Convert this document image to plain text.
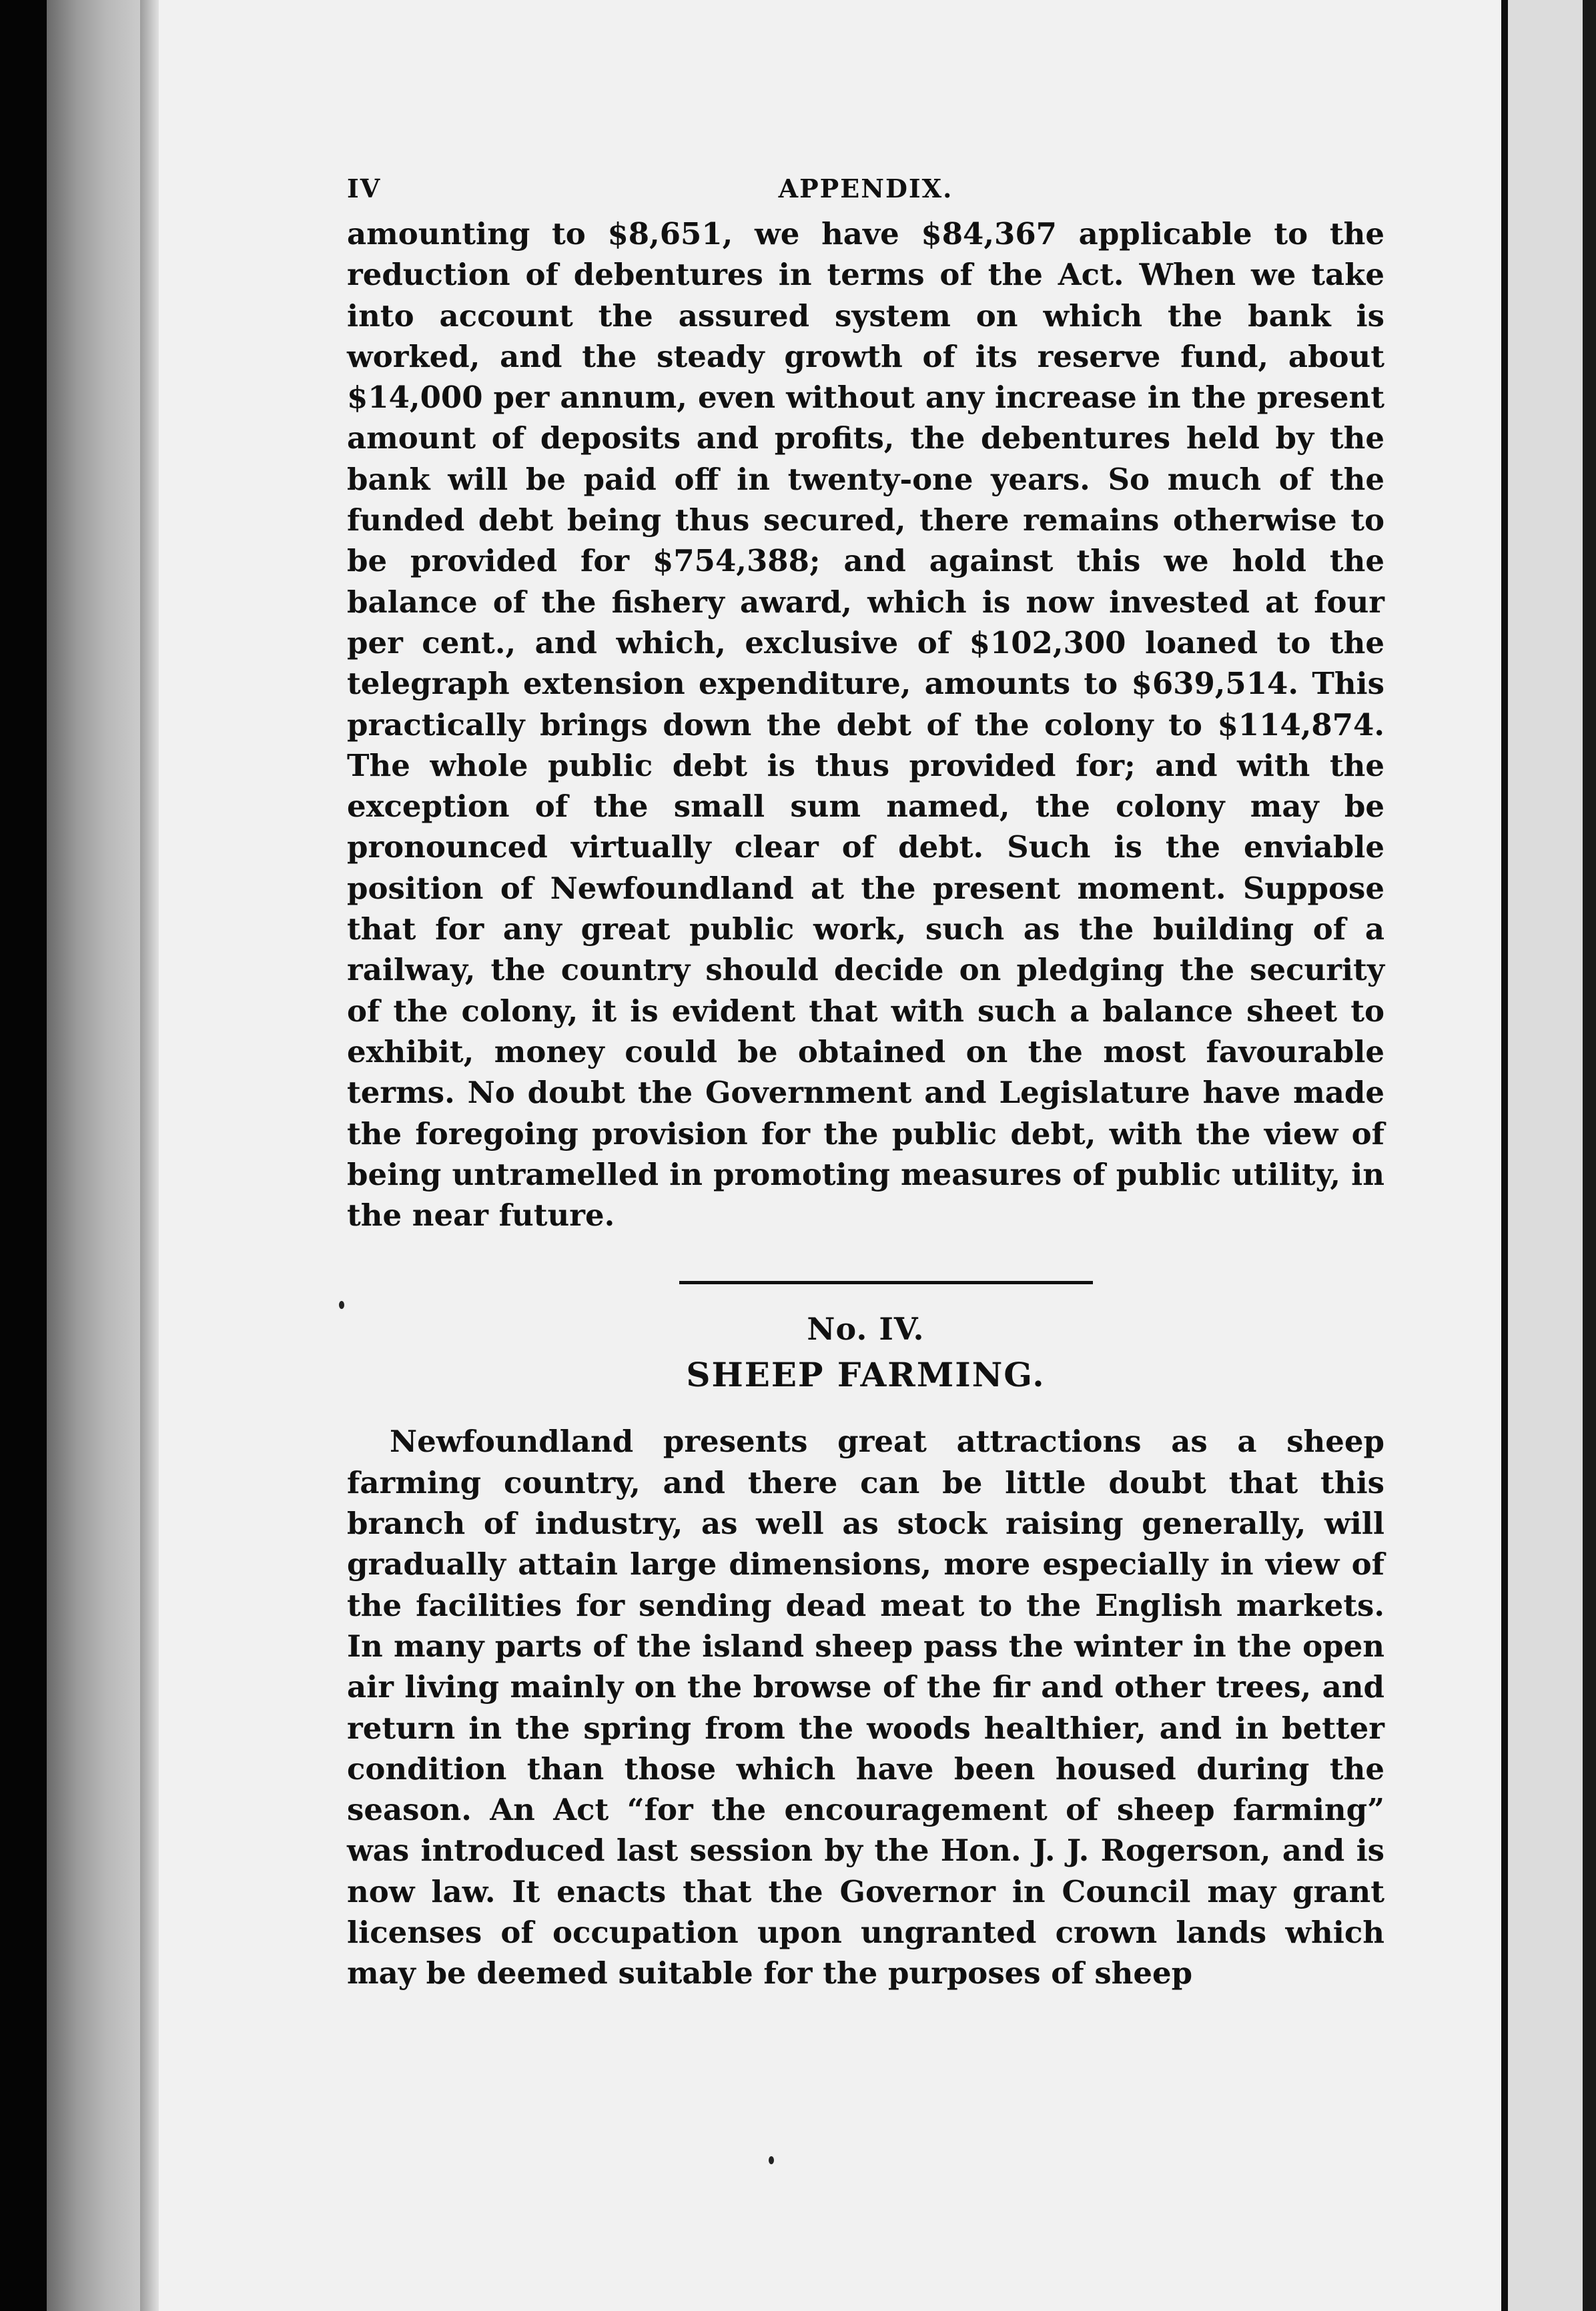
IV	APPENDIX.

amounting to $8,651, we have $84,367 applicable to the reduction of debentures in terms of the Act. When we take into account the assured system on which the bank is worked, and the steady growth of its reserve fund, about $14,000 per annum, even without any increase in the present amount of deposits and profits, the debentures held by the bank will be paid off in twenty-one years. So much of the funded debt being thus secured, there remains otherwise to be provided for $754,388; and against this we hold the balance of the fishery award, which is now invested at four per cent., and which, exclusive of $102,300 loaned to the telegraph extension expenditure, amounts to $639,514. This practically brings down the debt of the colony to $114,874. The whole public debt is thus provided for; and with the exception of the small sum named, the colony may be pronounced virtually clear of debt. Such is the enviable position of Newfoundland at the present moment. Suppose that for any great public work, such as the building of a railway, the country should decide on pledging the security of the colony, it is evident that with such a balance sheet to exhibit, money could be obtained on the most favourable terms. No doubt the Government and Legislature have made the foregoing provision for the public debt, with the view of being untramelled in promoting measures of public utility, in the near future.

No. IV.
SHEEP FARMING.

Newfoundland presents great attractions as a sheep farming country, and there can be little doubt that this branch of industry, as well as stock raising generally, will gradually attain large dimensions, more especially in view of the facilities for sending dead meat to the English markets. In many parts of the island sheep pass the winter in the open air living mainly on the browse of the fir and other trees, and return in the spring from the woods healthier, and in better condition than those which have been housed during the season. An Act “for the encouragement of sheep farming” was introduced last session by the Hon. J. J. Rogerson, and is now law. It enacts that the Governor in Council may grant licenses of occupation upon ungranted crown lands which may be deemed suitable for the purposes of sheep
